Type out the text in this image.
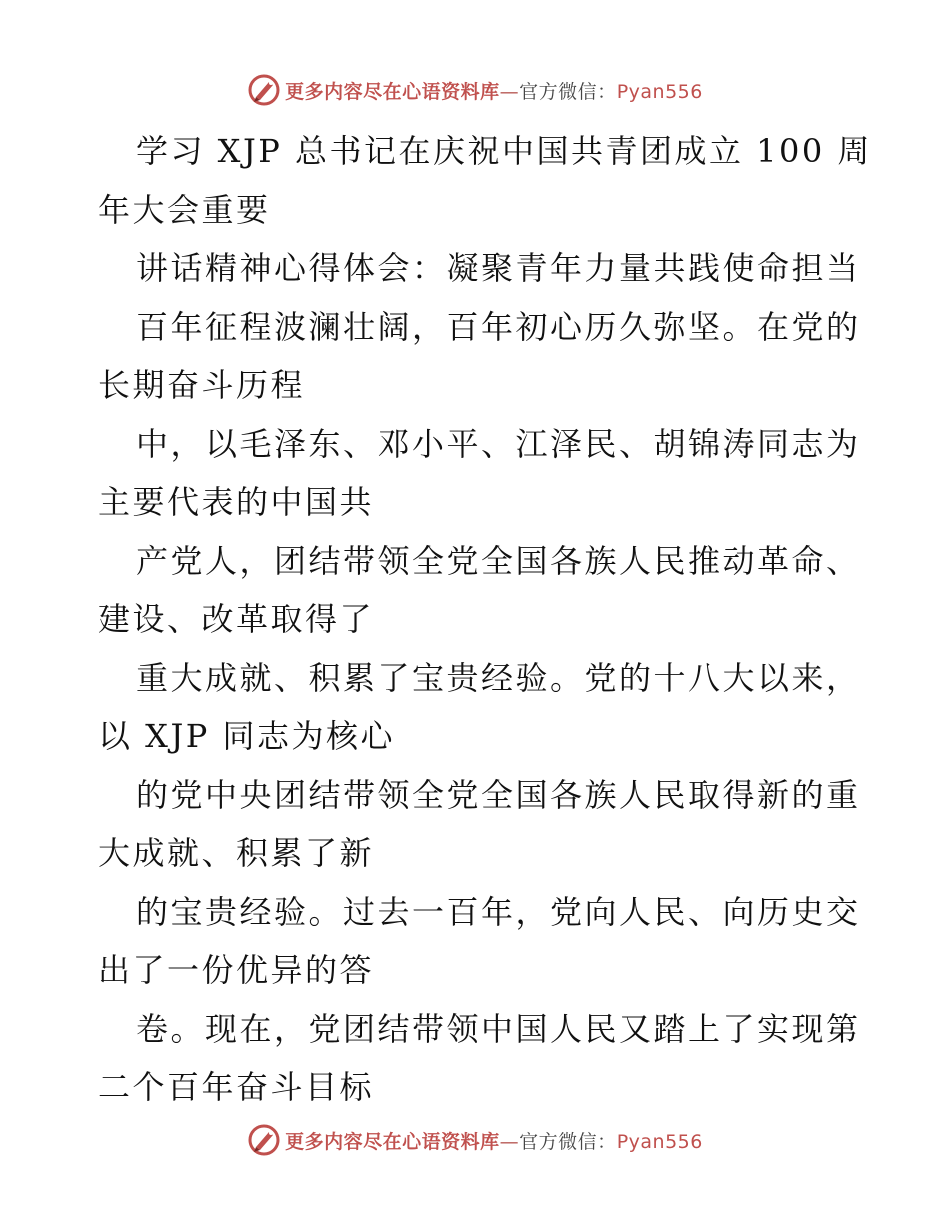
更多内容尽在心语资料库—官方微信：Pyan556
学习 XJP 总书记在庆祝中国共青团成立 100 周
年大会重要
讲话精神心得体会：凝聚青年力量共践使命担当
百年征程波澜壮阔，百年初心历久弥坚。在党的
长期奋斗历程
中，以毛泽东、邓小平、江泽民、胡锦涛同志为
主要代表的中国共
产党人，团结带领全党全国各族人民推动革命、
建设、改革取得了
重大成就、积累了宝贵经验。党的十八大以来，
以 XJP 同志为核心
的党中央团结带领全党全国各族人民取得新的重
大成就、积累了新
的宝贵经验。过去一百年，党向人民、向历史交
出了一份优异的答
卷。现在，党团结带领中国人民又踏上了实现第
二个百年奋斗目标
更多内容尽在心语资料库—官方微信：Pyan556
